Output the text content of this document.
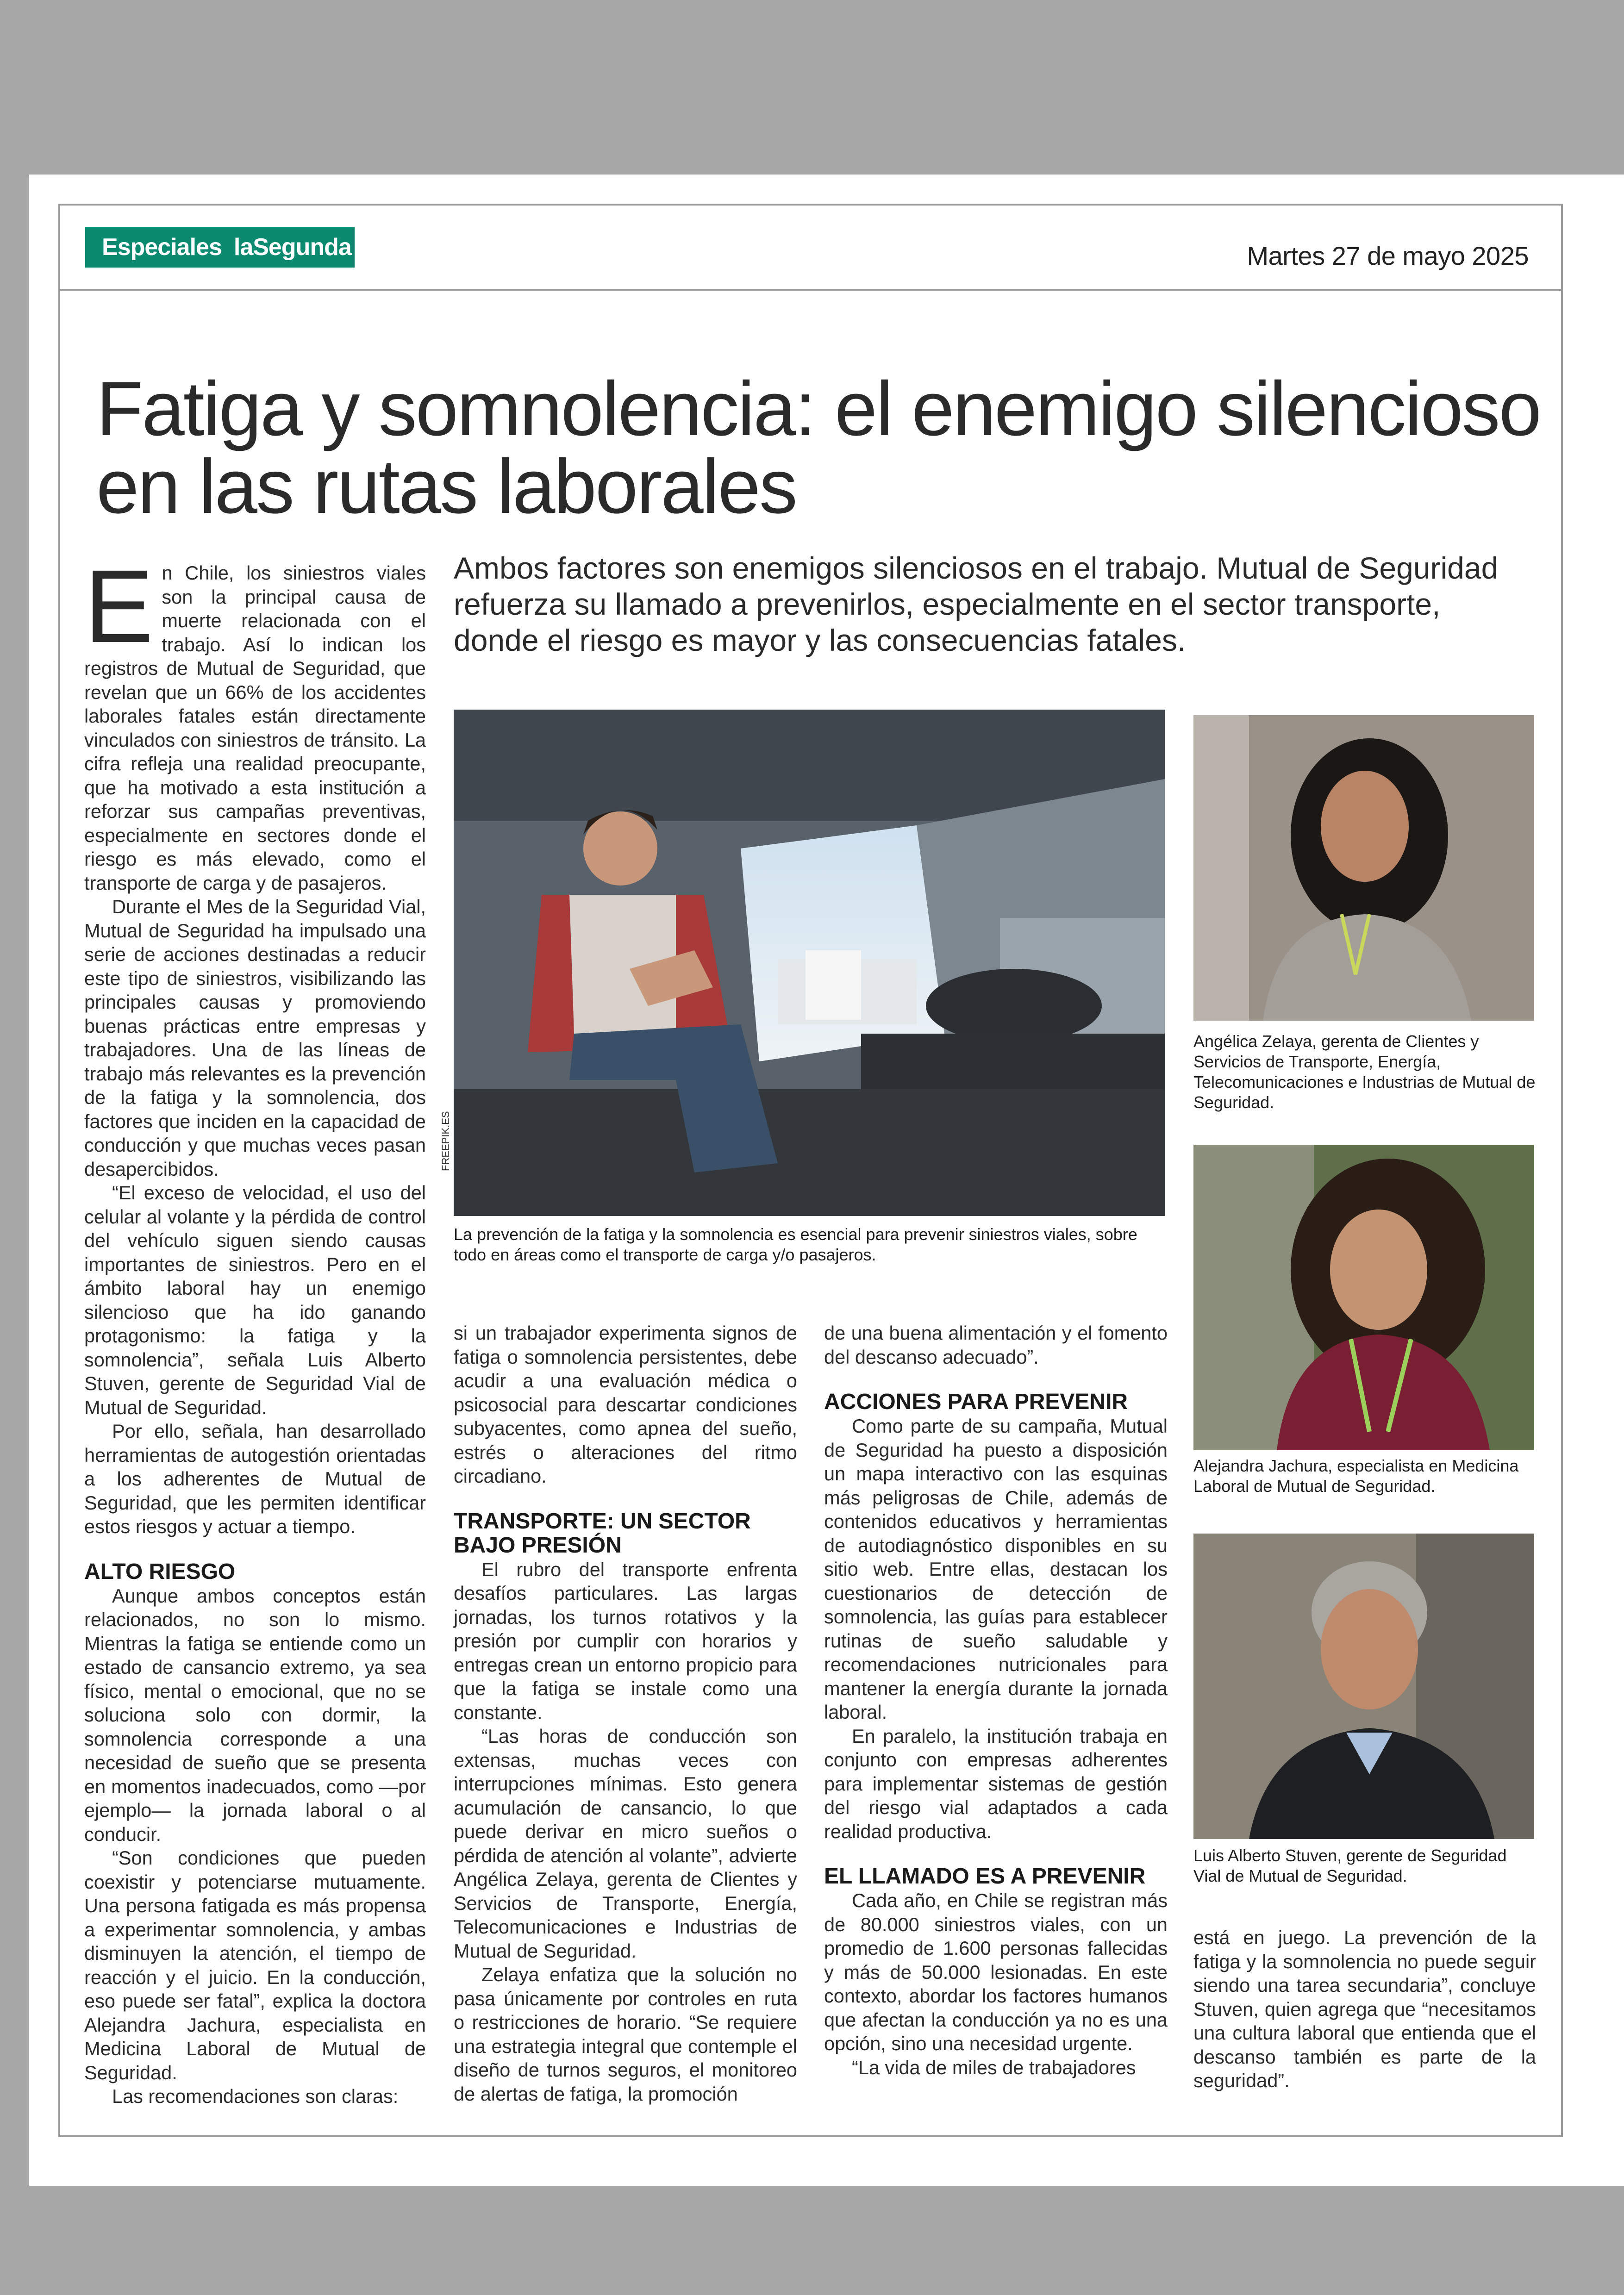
Especiales laSegunda	Martes 27 de mayo 2025
Fatiga y somnolencia: el enemigo silencioso
en las rutas laborales

Ambos factores son enemigos silenciosos en el trabajo. Mutual de Seguridad refuerza su llamado a prevenirlos, especialmente en el sector transporte, donde el riesgo es mayor y las consecuencias fatales.

En Chile, los siniestros viales son la principal causa de muerte relacionada con el trabajo. Así lo indican los registros de Mutual de Seguridad, que revelan que un 66% de los accidentes laborales fatales están directamente vinculados con siniestros de tránsito. La cifra refleja una realidad preocupante, que ha motivado a esta institución a reforzar sus campañas preventivas, especialmente en sectores donde el riesgo es más elevado, como el transporte de carga y de pasajeros.

Durante el Mes de la Seguridad Vial, Mutual de Seguridad ha impulsado una serie de acciones destinadas a reducir este tipo de siniestros, visibilizando las principales causas y promoviendo buenas prácticas entre empresas y trabajadores. Una de las líneas de trabajo más relevantes es la prevención de la fatiga y la somnolencia, dos factores que inciden en la capacidad de conducción y que muchas veces pasan desapercibidos.

“El exceso de velocidad, el uso del celular al volante y la pérdida de control del vehículo siguen siendo causas importantes de siniestros. Pero en el ámbito laboral hay un enemigo silencioso que ha ido ganando protagonismo: la fatiga y la somnolencia”, señala Luis Alberto Stuven, gerente de Seguridad Vial de Mutual de Seguridad.

Por ello, señala, han desarrollado herramientas de autogestión orientadas a los adherentes de Mutual de Seguridad, que les permiten identificar estos riesgos y actuar a tiempo.

ALTO RIESGO

Aunque ambos conceptos están relacionados, no son lo mismo. Mientras la fatiga se entiende como un estado de cansancio extremo, ya sea físico, mental o emocional, que no se soluciona solo con dormir, la somnolencia corresponde a una necesidad de sueño que se presenta en momentos inadecuados, como —por ejemplo— la jornada laboral o al conducir.

“Son condiciones que pueden coexistir y potenciarse mutuamente. Una persona fatigada es más propensa a experimentar somnolencia, y ambas disminuyen la atención, el tiempo de reacción y el juicio. En la conducción, eso puede ser fatal”, explica la doctora Alejandra Jachura, especialista en Medicina Laboral de Mutual de Seguridad.

Las recomendaciones son claras:

FREEPIK.ES
La prevención de la fatiga y la somnolencia es esencial para prevenir siniestros viales, sobre todo en áreas como el transporte de carga y/o pasajeros.

si un trabajador experimenta signos de fatiga o somnolencia persistentes, debe acudir a una evaluación médica o psicosocial para descartar condiciones subyacentes, como apnea del sueño, estrés o alteraciones del ritmo circadiano.

TRANSPORTE: UN SECTOR BAJO PRESIÓN

El rubro del transporte enfrenta desafíos particulares. Las largas jornadas, los turnos rotativos y la presión por cumplir con horarios y entregas crean un entorno propicio para que la fatiga se instale como una constante.

“Las horas de conducción son extensas, muchas veces con interrupciones mínimas. Esto genera acumulación de cansancio, lo que puede derivar en micro sueños o pérdida de atención al volante”, advierte Angélica Zelaya, gerenta de Clientes y Servicios de Transporte, Energía, Telecomunicaciones e Industrias de Mutual de Seguridad.

Zelaya enfatiza que la solución no pasa únicamente por controles en ruta o restricciones de horario. “Se requiere una estrategia integral que contemple el diseño de turnos seguros, el monitoreo de alertas de fatiga, la promoción

de una buena alimentación y el fomento del descanso adecuado”.

ACCIONES PARA PREVENIR

Como parte de su campaña, Mutual de Seguridad ha puesto a disposición un mapa interactivo con las esquinas más peligrosas de Chile, además de contenidos educativos y herramientas de autodiagnóstico disponibles en su sitio web. Entre ellas, destacan los cuestionarios de detección de somnolencia, las guías para establecer rutinas de sueño saludable y recomendaciones nutricionales para mantener la energía durante la jornada laboral.

En paralelo, la institución trabaja en conjunto con empresas adherentes para implementar sistemas de gestión del riesgo vial adaptados a cada realidad productiva.

EL LLAMADO ES A PREVENIR

Cada año, en Chile se registran más de 80.000 siniestros viales, con un promedio de 1.600 personas fallecidas y más de 50.000 lesionadas. En este contexto, abordar los factores humanos que afectan la conducción ya no es una opción, sino una necesidad urgente.

“La vida de miles de trabajadores

Angélica Zelaya, gerenta de Clientes y Servicios de Transporte, Energía, Telecomunicaciones e Industrias de Mutual de Seguridad.
Alejandra Jachura, especialista en Medicina Laboral de Mutual de Seguridad.
Luis Alberto Stuven, gerente de Seguridad Vial de Mutual de Seguridad.

está en juego. La prevención de la fatiga y la somnolencia no puede seguir siendo una tarea secundaria”, concluye Stuven, quien agrega que “necesitamos una cultura laboral que entienda que el descanso también es parte de la seguridad”.
